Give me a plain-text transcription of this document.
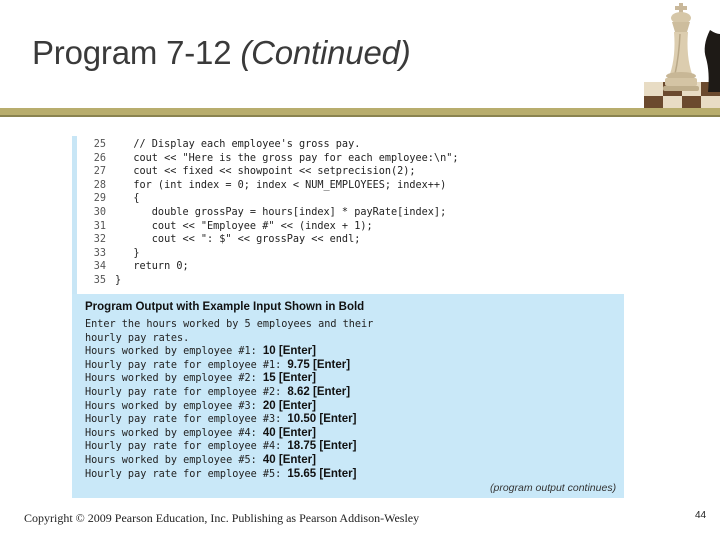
Program 7-12 (Continued)
25   // Display each employee's gross pay.
26   cout << "Here is the gross pay for each employee:\n";
27   cout << fixed << showpoint << setprecision(2);
28   for (int index = 0; index < NUM_EMPLOYEES; index++)
29   {
30      double grossPay = hours[index] * payRate[index];
31      cout << "Employee #" << (index + 1);
32      cout << ": $" << grossPay << endl;
33   }
34   return 0;
35 }
Program Output with Example Input Shown in Bold
Enter the hours worked by 5 employees and their
hourly pay rates.
Hours worked by employee #1: 10 [Enter]
Hourly pay rate for employee #1: 9.75 [Enter]
Hours worked by employee #2: 15 [Enter]
Hourly pay rate for employee #2: 8.62 [Enter]
Hours worked by employee #3: 20 [Enter]
Hourly pay rate for employee #3: 10.50 [Enter]
Hours worked by employee #4: 40 [Enter]
Hourly pay rate for employee #4: 18.75 [Enter]
Hours worked by employee #5: 40 [Enter]
Hourly pay rate for employee #5: 15.65 [Enter]
(program output continues)
Copyright © 2009 Pearson Education, Inc. Publishing as Pearson Addison-Wesley	44
